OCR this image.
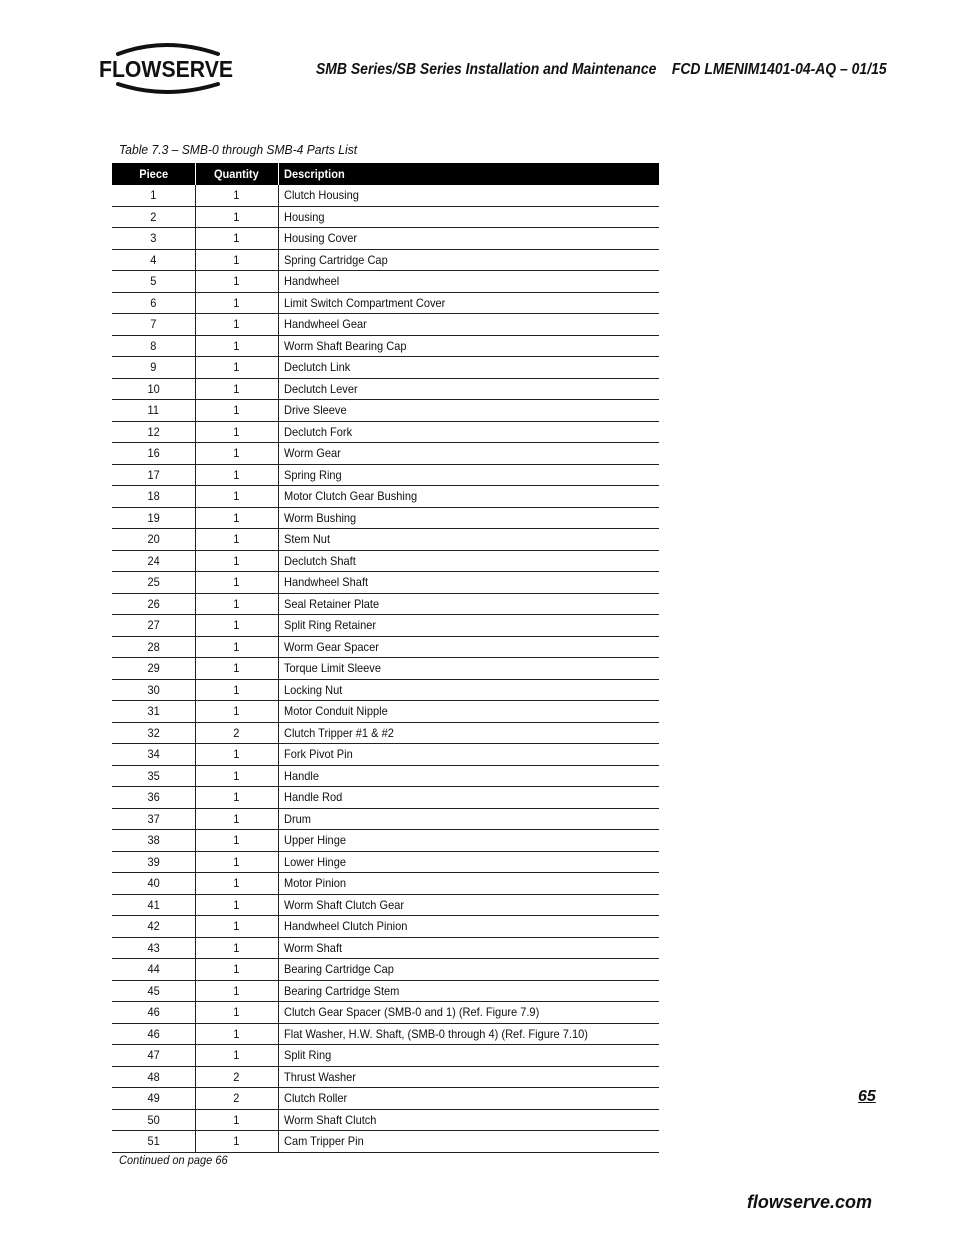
FLOWSERVE	SMB Series/SB Series Installation and Maintenance    FCD LMENIM1401-04-AQ – 01/15
Table 7.3 – SMB-0 through SMB-4 Parts List
Piece	Quantity	Description
1	1	Clutch Housing
2	1	Housing
3	1	Housing Cover
4	1	Spring Cartridge Cap
5	1	Handwheel
6	1	Limit Switch Compartment Cover
7	1	Handwheel Gear
8	1	Worm Shaft Bearing Cap
9	1	Declutch Link
10	1	Declutch Lever
11	1	Drive Sleeve
12	1	Declutch Fork
16	1	Worm Gear
17	1	Spring Ring
18	1	Motor Clutch Gear Bushing
19	1	Worm Bushing
20	1	Stem Nut
24	1	Declutch Shaft
25	1	Handwheel Shaft
26	1	Seal Retainer Plate
27	1	Split Ring Retainer
28	1	Worm Gear Spacer
29	1	Torque Limit Sleeve
30	1	Locking Nut
31	1	Motor Conduit Nipple
32	2	Clutch Tripper #1 & #2
34	1	Fork Pivot Pin
35	1	Handle
36	1	Handle Rod
37	1	Drum
38	1	Upper Hinge
39	1	Lower Hinge
40	1	Motor Pinion
41	1	Worm Shaft Clutch Gear
42	1	Handwheel Clutch Pinion
43	1	Worm Shaft
44	1	Bearing Cartridge Cap
45	1	Bearing Cartridge Stem
46	1	Clutch Gear Spacer (SMB-0 and 1) (Ref. Figure 7.9)
46	1	Flat Washer, H.W. Shaft, (SMB-0 through 4) (Ref. Figure 7.10)
47	1	Split Ring
48	2	Thrust Washer
49	2	Clutch Roller
50	1	Worm Shaft Clutch
51	1	Cam Tripper Pin
Continued on page 66
65
flowserve.com
